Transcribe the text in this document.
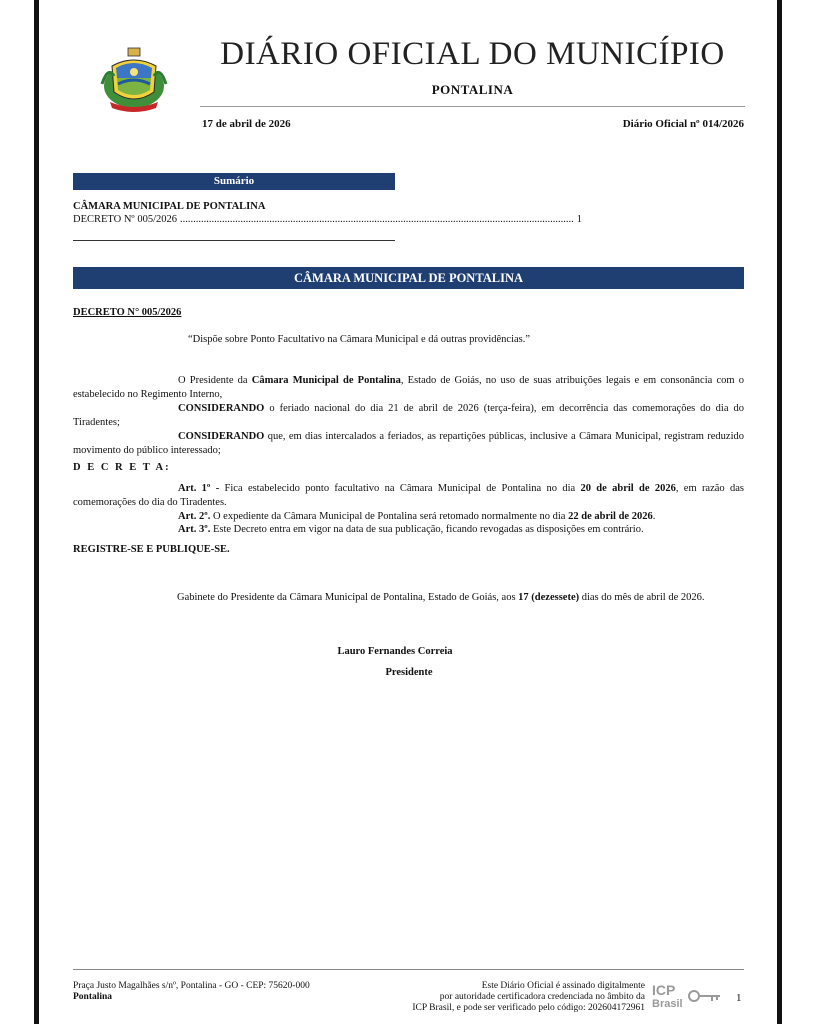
DIÁRIO OFICIAL DO MUNICÍPIO
PONTALINA
17 de abril de 2026	Diário Oficial nº 014/2026
Sumário
CÂMARA MUNICIPAL DE PONTALINA
DECRETO Nº 005/2026 ...................................................................................................................................................... 1
CÂMARA MUNICIPAL DE PONTALINA
DECRETO N° 005/2026
“Dispõe sobre Ponto Facultativo na Câmara Municipal e dá outras providências.”
O Presidente da Câmara Municipal de Pontalina, Estado de Goiás, no uso de suas atribuições legais e em consonância com o estabelecido no Regimento Interno,
CONSIDERANDO o feriado nacional do dia 21 de abril de 2026 (terça-feira), em decorrência das comemorações do dia do Tiradentes;
CONSIDERANDO que, em dias intercalados a feriados, as repartições públicas, inclusive a Câmara Municipal, registram reduzido movimento do público interessado;
D E C R E T A:
Art. 1º - Fica estabelecido ponto facultativo na Câmara Municipal de Pontalina no dia 20 de abril de 2026, em razão das comemorações do dia do Tiradentes.
Art. 2º. O expediente da Câmara Municipal de Pontalina será retomado normalmente no dia 22 de abril de 2026.
Art. 3º. Este Decreto entra em vigor na data de sua publicação, ficando revogadas as disposições em contrário.
REGISTRE-SE E PUBLIQUE-SE.
Gabinete do Presidente da Câmara Municipal de Pontalina, Estado de Goiás, aos 17 (dezessete) dias do mês de abril de 2026.
Lauro Fernandes Correia
Presidente
Praça Justo Magalhães s/nº, Pontalina - GO - CEP: 75620-000
Pontalina
Este Diário Oficial é assinado digitalmente
por autoridade certificadora credenciada no âmbito da
ICP Brasil, e pode ser verificado pelo código: 202604172961
ICP
Brasil	1
